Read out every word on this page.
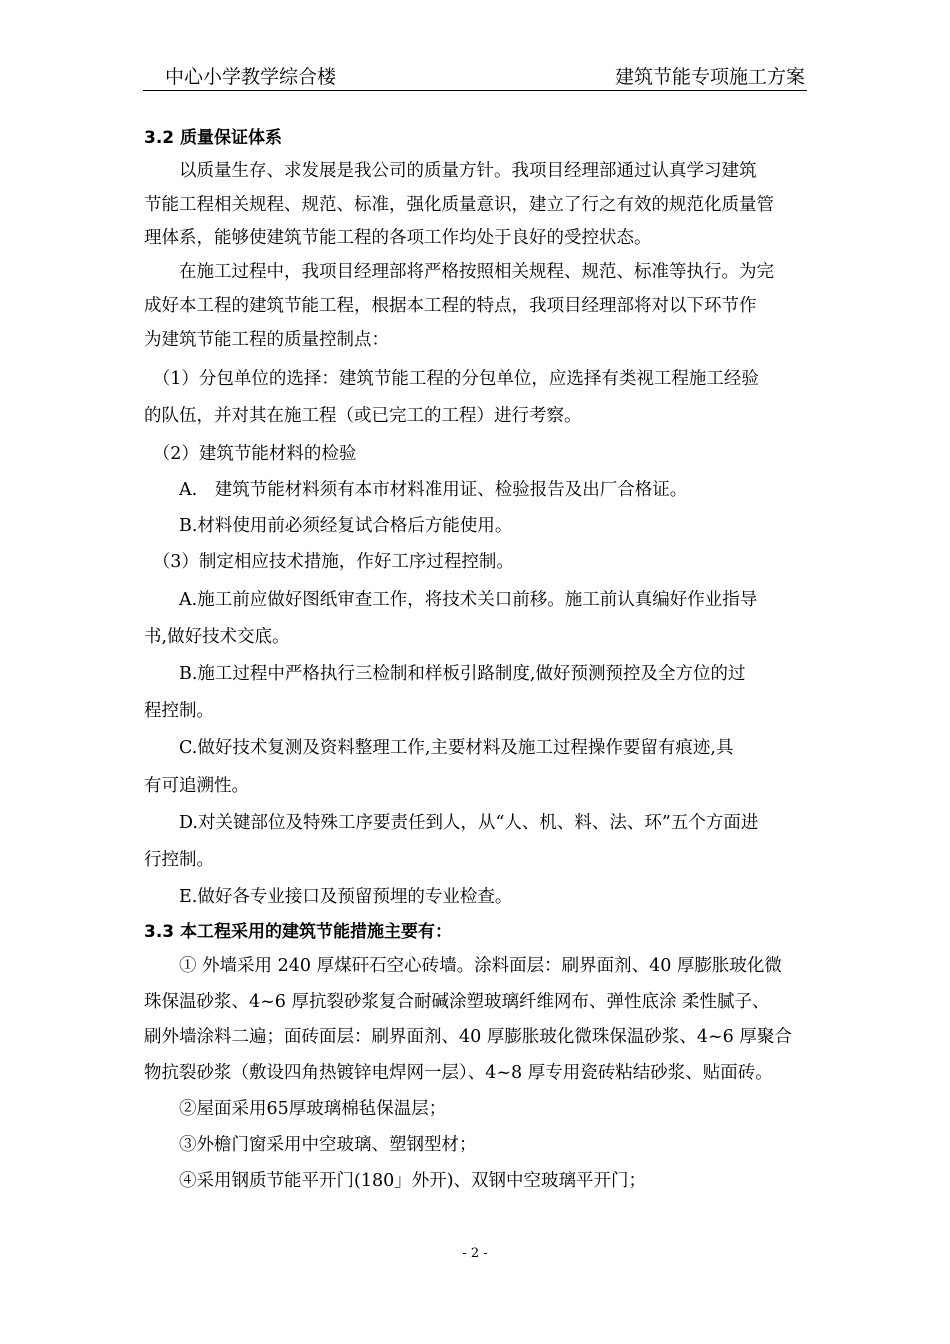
中心小学教学综合楼	建筑节能专项施工方案
3.2 质量保证体系
　　以质量生存、求发展是我公司的质量方针。我项目经理部通过认真学习建筑
节能工程相关规程、规范、标准，强化质量意识，建立了行之有效的规范化质量管
理体系，能够使建筑节能工程的各项工作均处于良好的受控状态。
　　在施工过程中，我项目经理部将严格按照相关规程、规范、标准等执行。为完
成好本工程的建筑节能工程，根据本工程的特点，我项目经理部将对以下环节作
为建筑节能工程的质量控制点：
　（1）分包单位的选择：建筑节能工程的分包单位，应选择有类视工程施工经验
的队伍，并对其在施工程（或已完工的工程）进行考察。
　（2）建筑节能材料的检验
　　A.　建筑节能材料须有本市材料准用证、检验报告及出厂合格证。
　　B.材料使用前必须经复试合格后方能使用。
　（3）制定相应技术措施，作好工序过程控制。
　　A.施工前应做好图纸审查工作，将技术关口前移。施工前认真编好作业指导
书,做好技术交底。
　　B.施工过程中严格执行三检制和样板引路制度,做好预测预控及全方位的过
程控制。
　　C.做好技术复测及资料整理工作,主要材料及施工过程操作要留有痕迹,具
有可追溯性。
　　D.对关键部位及特殊工序要责任到人，从“人、机、料、法、环”五个方面进
行控制。
　　E.做好各专业接口及预留预埋的专业检查。
3.3 本工程采用的建筑节能措施主要有：
　　① 外墙采用 240 厚煤矸石空心砖墙。涂料面层：刷界面剂、40 厚膨胀玻化微
珠保温砂浆、4~6 厚抗裂砂浆复合耐碱涂塑玻璃纤维网布、弹性底涂 柔性腻子、
刷外墙涂料二遍；面砖面层：刷界面剂、40 厚膨胀玻化微珠保温砂浆、4~6 厚聚合
物抗裂砂浆（敷设四角热镀锌电焊网一层）、4~8 厚专用瓷砖粘结砂浆、贴面砖。
　　②屋面采用65厚玻璃棉毡保温层；
　　③外檐门窗采用中空玻璃、塑钢型材；
　　④采用钢质节能平开门(180」外开)、双钢中空玻璃平开门；
- 2 -
